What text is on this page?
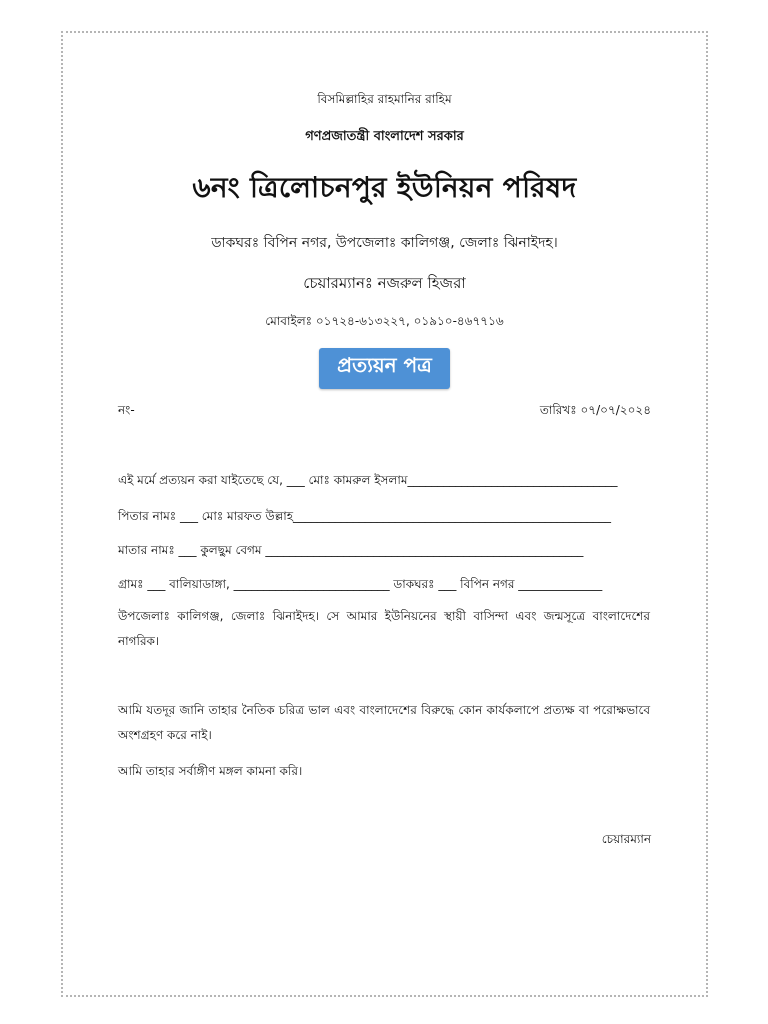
বিসমিল্লাহির রাহমানির রাহিম
গণপ্রজাতন্ত্রী বাংলাদেশ সরকার
৬নং ত্রিলোচনপুর ইউনিয়ন পরিষদ
ডাকঘরঃ বিপিন নগর, উপজেলাঃ কালিগঞ্জ, জেলাঃ ঝিনাইদহ।
চেয়ারম্যানঃ নজরুল হিজরা
মোবাইলঃ ০১৭২৪-৬১৩২২৭, ০১৯১০-৪৬৭৭১৬
প্রত্যয়ন পত্র
নং-	তারিখঃ ০৭/০৭/২০২৪
এই মর্মে প্রত্যয়ন করা যাইতেছে যে, ___ মোঃ কামরুল ইসলাম___________________________________
পিতার নামঃ ___ মোঃ মারফত উল্লাহ_____________________________________________________
মাতার নামঃ ___ কুলছুম বেগম _____________________________________________________
গ্রামঃ ___ বালিয়াডাঙ্গা, __________________________ ডাকঘরঃ ___ বিপিন নগর ______________
উপজেলাঃ কালিগঞ্জ, জেলাঃ ঝিনাইদহ। সে আমার ইউনিয়নের স্থায়ী বাসিন্দা এবং জন্মসূত্রে বাংলাদেশের নাগরিক।
আমি যতদূর জানি তাহার নৈতিক চরিত্র ভাল এবং বাংলাদেশের বিরুদ্ধে কোন কার্যকলাপে প্রত্যক্ষ বা পরোক্ষভাবে অংশগ্রহণ করে নাই।
আমি তাহার সর্বাঙ্গীণ মঙ্গল কামনা করি।
চেয়ারম্যান
